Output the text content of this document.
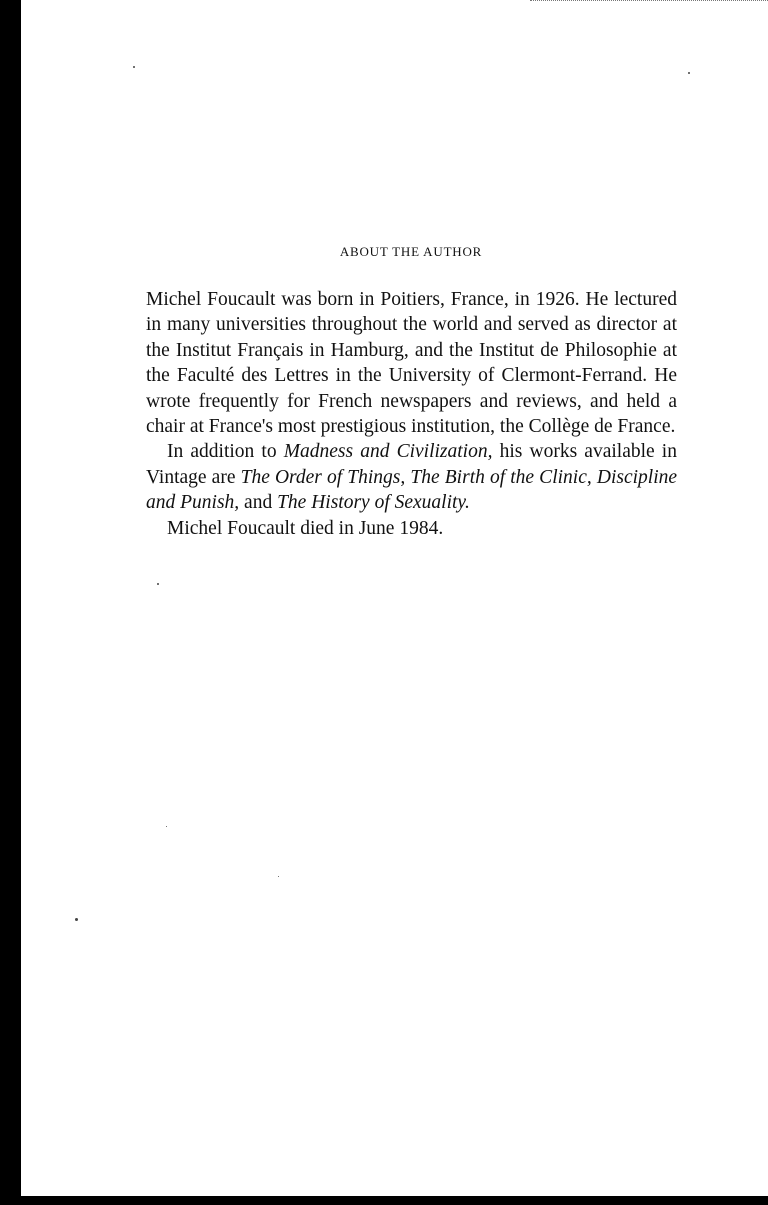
ABOUT THE AUTHOR

Michel Foucault was born in Poitiers, France, in 1926. He lectured in many universities throughout the world and served as director at the Institut Français in Hamburg, and the Institut de Philosophie at the Faculté des Lettres in the University of Clermont-Ferrand. He wrote frequently for French newspapers and reviews, and held a chair at France's most prestigious institution, the Collège de France.

In addition to Madness and Civilization, his works available in Vintage are The Order of Things, The Birth of the Clinic, Discipline and Punish, and The History of Sexuality.

Michel Foucault died in June 1984.
